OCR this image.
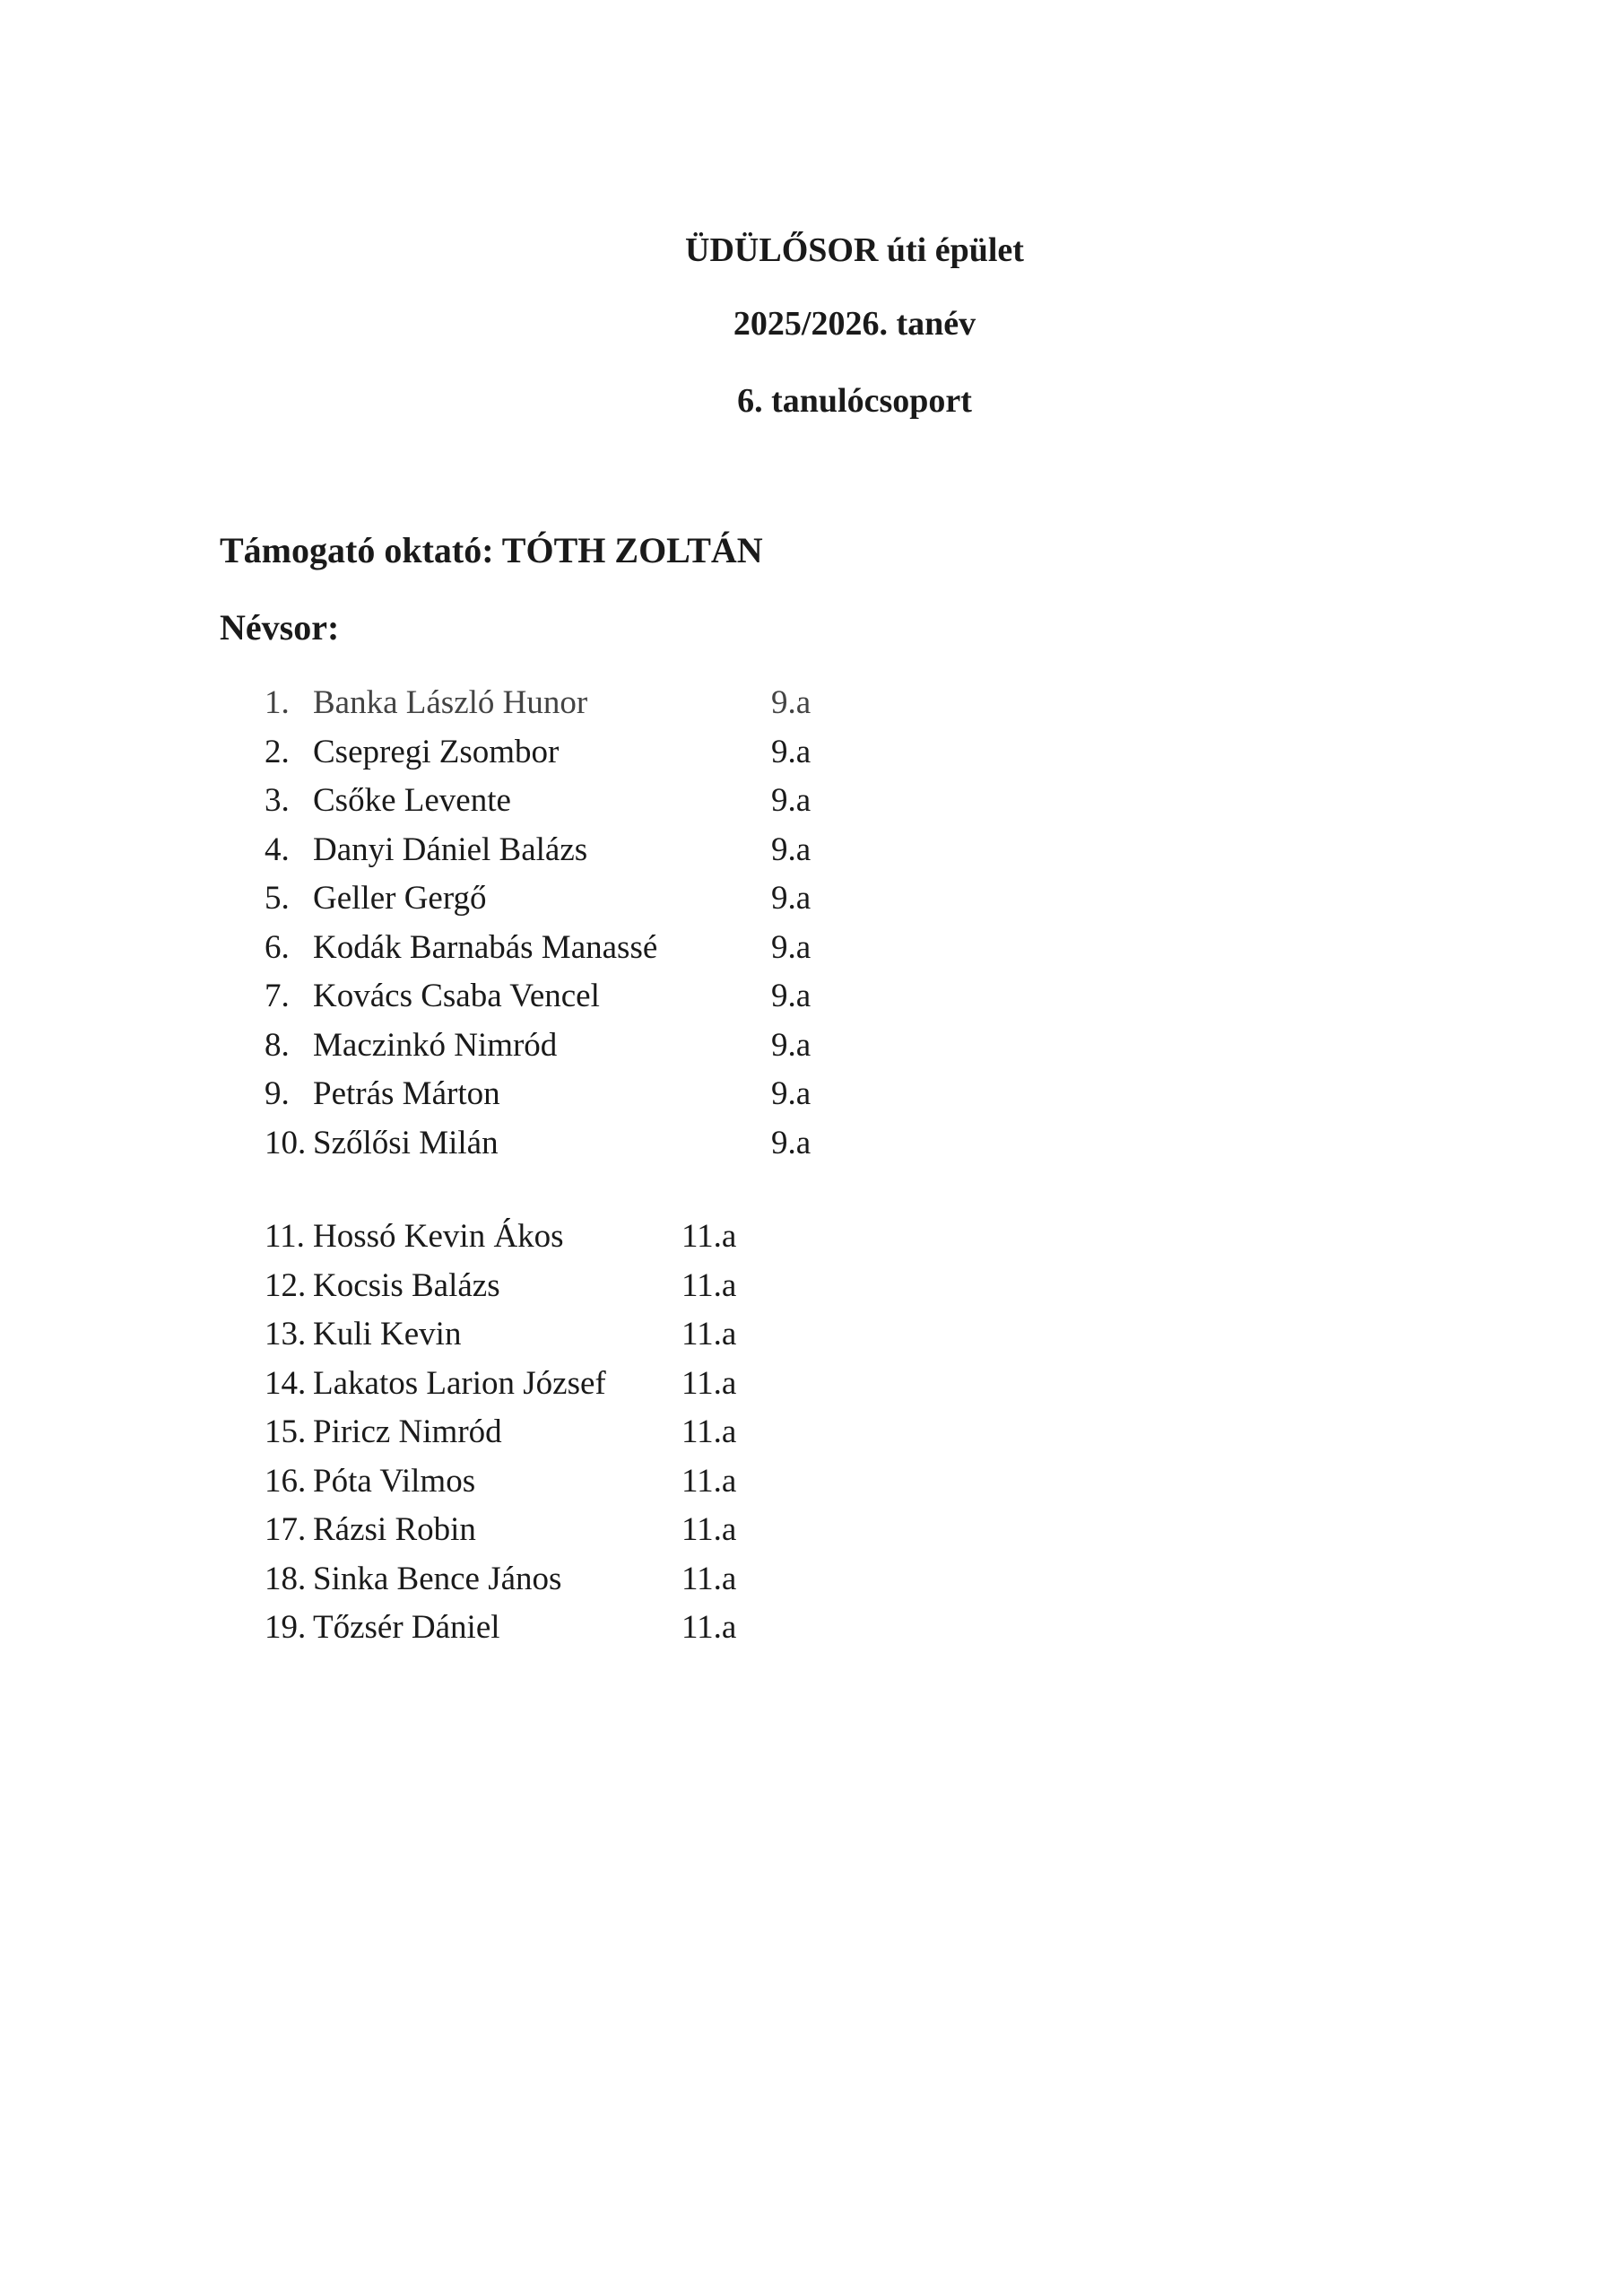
ÜDÜLŐSOR úti épület
2025/2026. tanév
6. tanulócsoport
Támogató oktató: TÓTH ZOLTÁN
Névsor:
1. Banka László Hunor	9.a
2. Csepregi Zsombor	9.a
3. Csőke Levente	9.a
4. Danyi Dániel Balázs	9.a
5. Geller Gergő	9.a
6. Kodák Barnabás Manassé	9.a
7. Kovács Csaba Vencel	9.a
8. Maczinkó Nimród	9.a
9. Petrás Márton	9.a
10. Szőlősi Milán	9.a
11. Hossó Kevin Ákos	11.a
12. Kocsis Balázs	11.a
13. Kuli Kevin	11.a
14. Lakatos Larion József 11.a
15. Piricz Nimród	11.a
16. Póta Vilmos	11.a
17. Rázsi Robin	11.a
18. Sinka Bence János	11.a
19. Tőzsér Dániel	11.a
